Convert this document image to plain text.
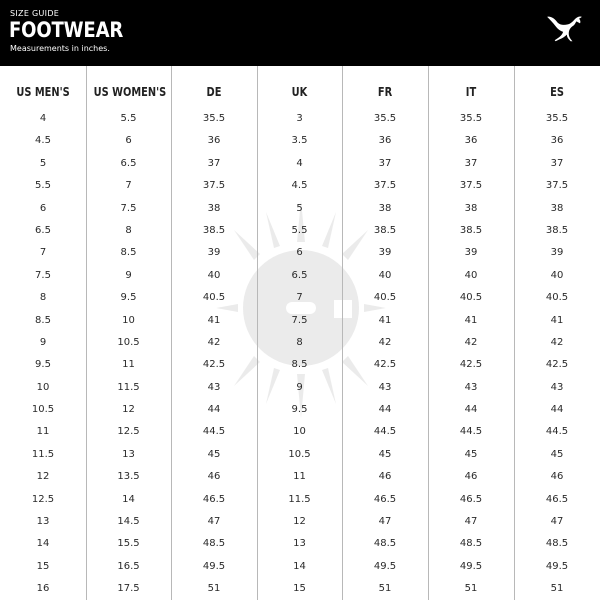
SIZE GUIDE
FOOTWEAR
Measurements in inches.
US MEN'S
4
4.5
5
5.5
6
6.5
7
7.5
8
8.5
9
9.5
10
10.5
11
11.5
12
12.5
13
14
15
16
US WOMEN'S
5.5
6
6.5
7
7.5
8
8.5
9
9.5
10
10.5
11
11.5
12
12.5
13
13.5
14
14.5
15.5
16.5
17.5
DE
35.5
36
37
37.5
38
38.5
39
40
40.5
41
42
42.5
43
44
44.5
45
46
46.5
47
48.5
49.5
51
UK
3
3.5
4
4.5
5
5.5
6
6.5
7
7.5
8
8.5
9
9.5
10
10.5
11
11.5
12
13
14
15
FR
35.5
36
37
37.5
38
38.5
39
40
40.5
41
42
42.5
43
44
44.5
45
46
46.5
47
48.5
49.5
51
IT
35.5
36
37
37.5
38
38.5
39
40
40.5
41
42
42.5
43
44
44.5
45
46
46.5
47
48.5
49.5
51
ES
35.5
36
37
37.5
38
38.5
39
40
40.5
41
42
42.5
43
44
44.5
45
46
46.5
47
48.5
49.5
51
